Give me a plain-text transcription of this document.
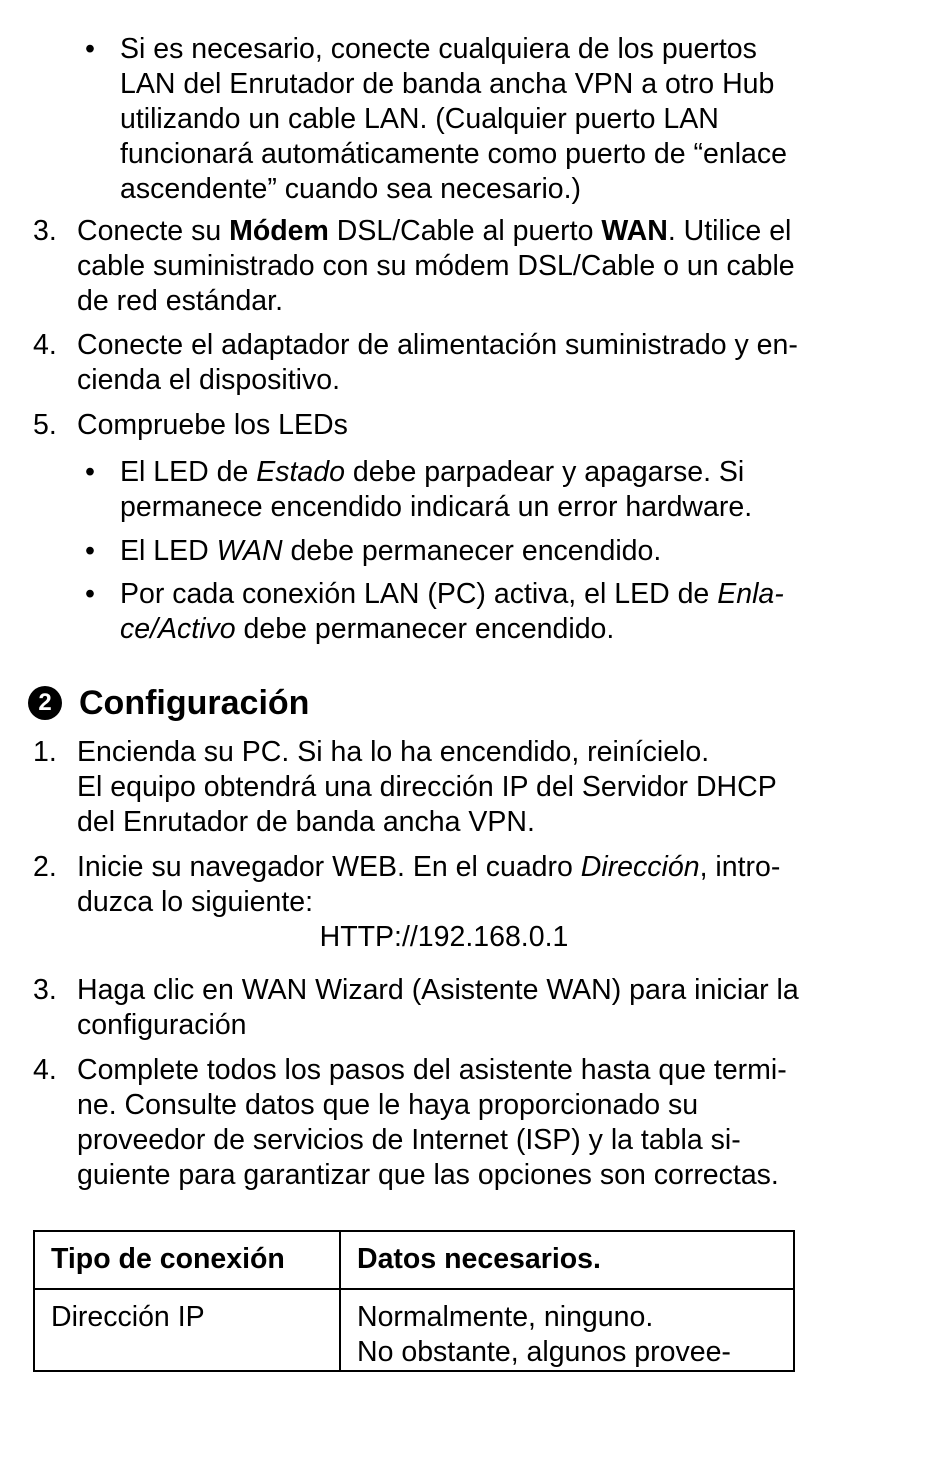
• Si es necesario, conecte cualquiera de los puertos
LAN del Enrutador de banda ancha VPN a otro Hub
utilizando un cable LAN. (Cualquier puerto LAN
funcionará automáticamente como puerto de “enlace
ascendente” cuando sea necesario.)
3. Conecte su Módem DSL/Cable al puerto WAN. Utilice el
cable suministrado con su módem DSL/Cable o un cable
de red estándar.
4. Conecte el adaptador de alimentación suministrado y en-
cienda el dispositivo.
5. Compruebe los LEDs
• El LED de Estado debe parpadear y apagarse. Si
permanece encendido indicará un error hardware.
• El LED WAN debe permanecer encendido.
• Por cada conexión LAN (PC) activa, el LED de Enla-
ce/Activo debe permanecer encendido.
2 Configuración
1. Encienda su PC. Si ha lo ha encendido, reinícielo.
El equipo obtendrá una dirección IP del Servidor DHCP
del Enrutador de banda ancha VPN.
2. Inicie su navegador WEB. En el cuadro Dirección, intro-
duzca lo siguiente:
HTTP://192.168.0.1
3. Haga clic en WAN Wizard (Asistente WAN) para iniciar la
configuración
4. Complete todos los pasos del asistente hasta que termi-
ne. Consulte datos que le haya proporcionado su
proveedor de servicios de Internet (ISP) y la tabla si-
guiente para garantizar que las opciones son correctas.
Tipo de conexión	Datos necesarios.
Dirección IP	Normalmente, ninguno.
No obstante, algunos provee-
